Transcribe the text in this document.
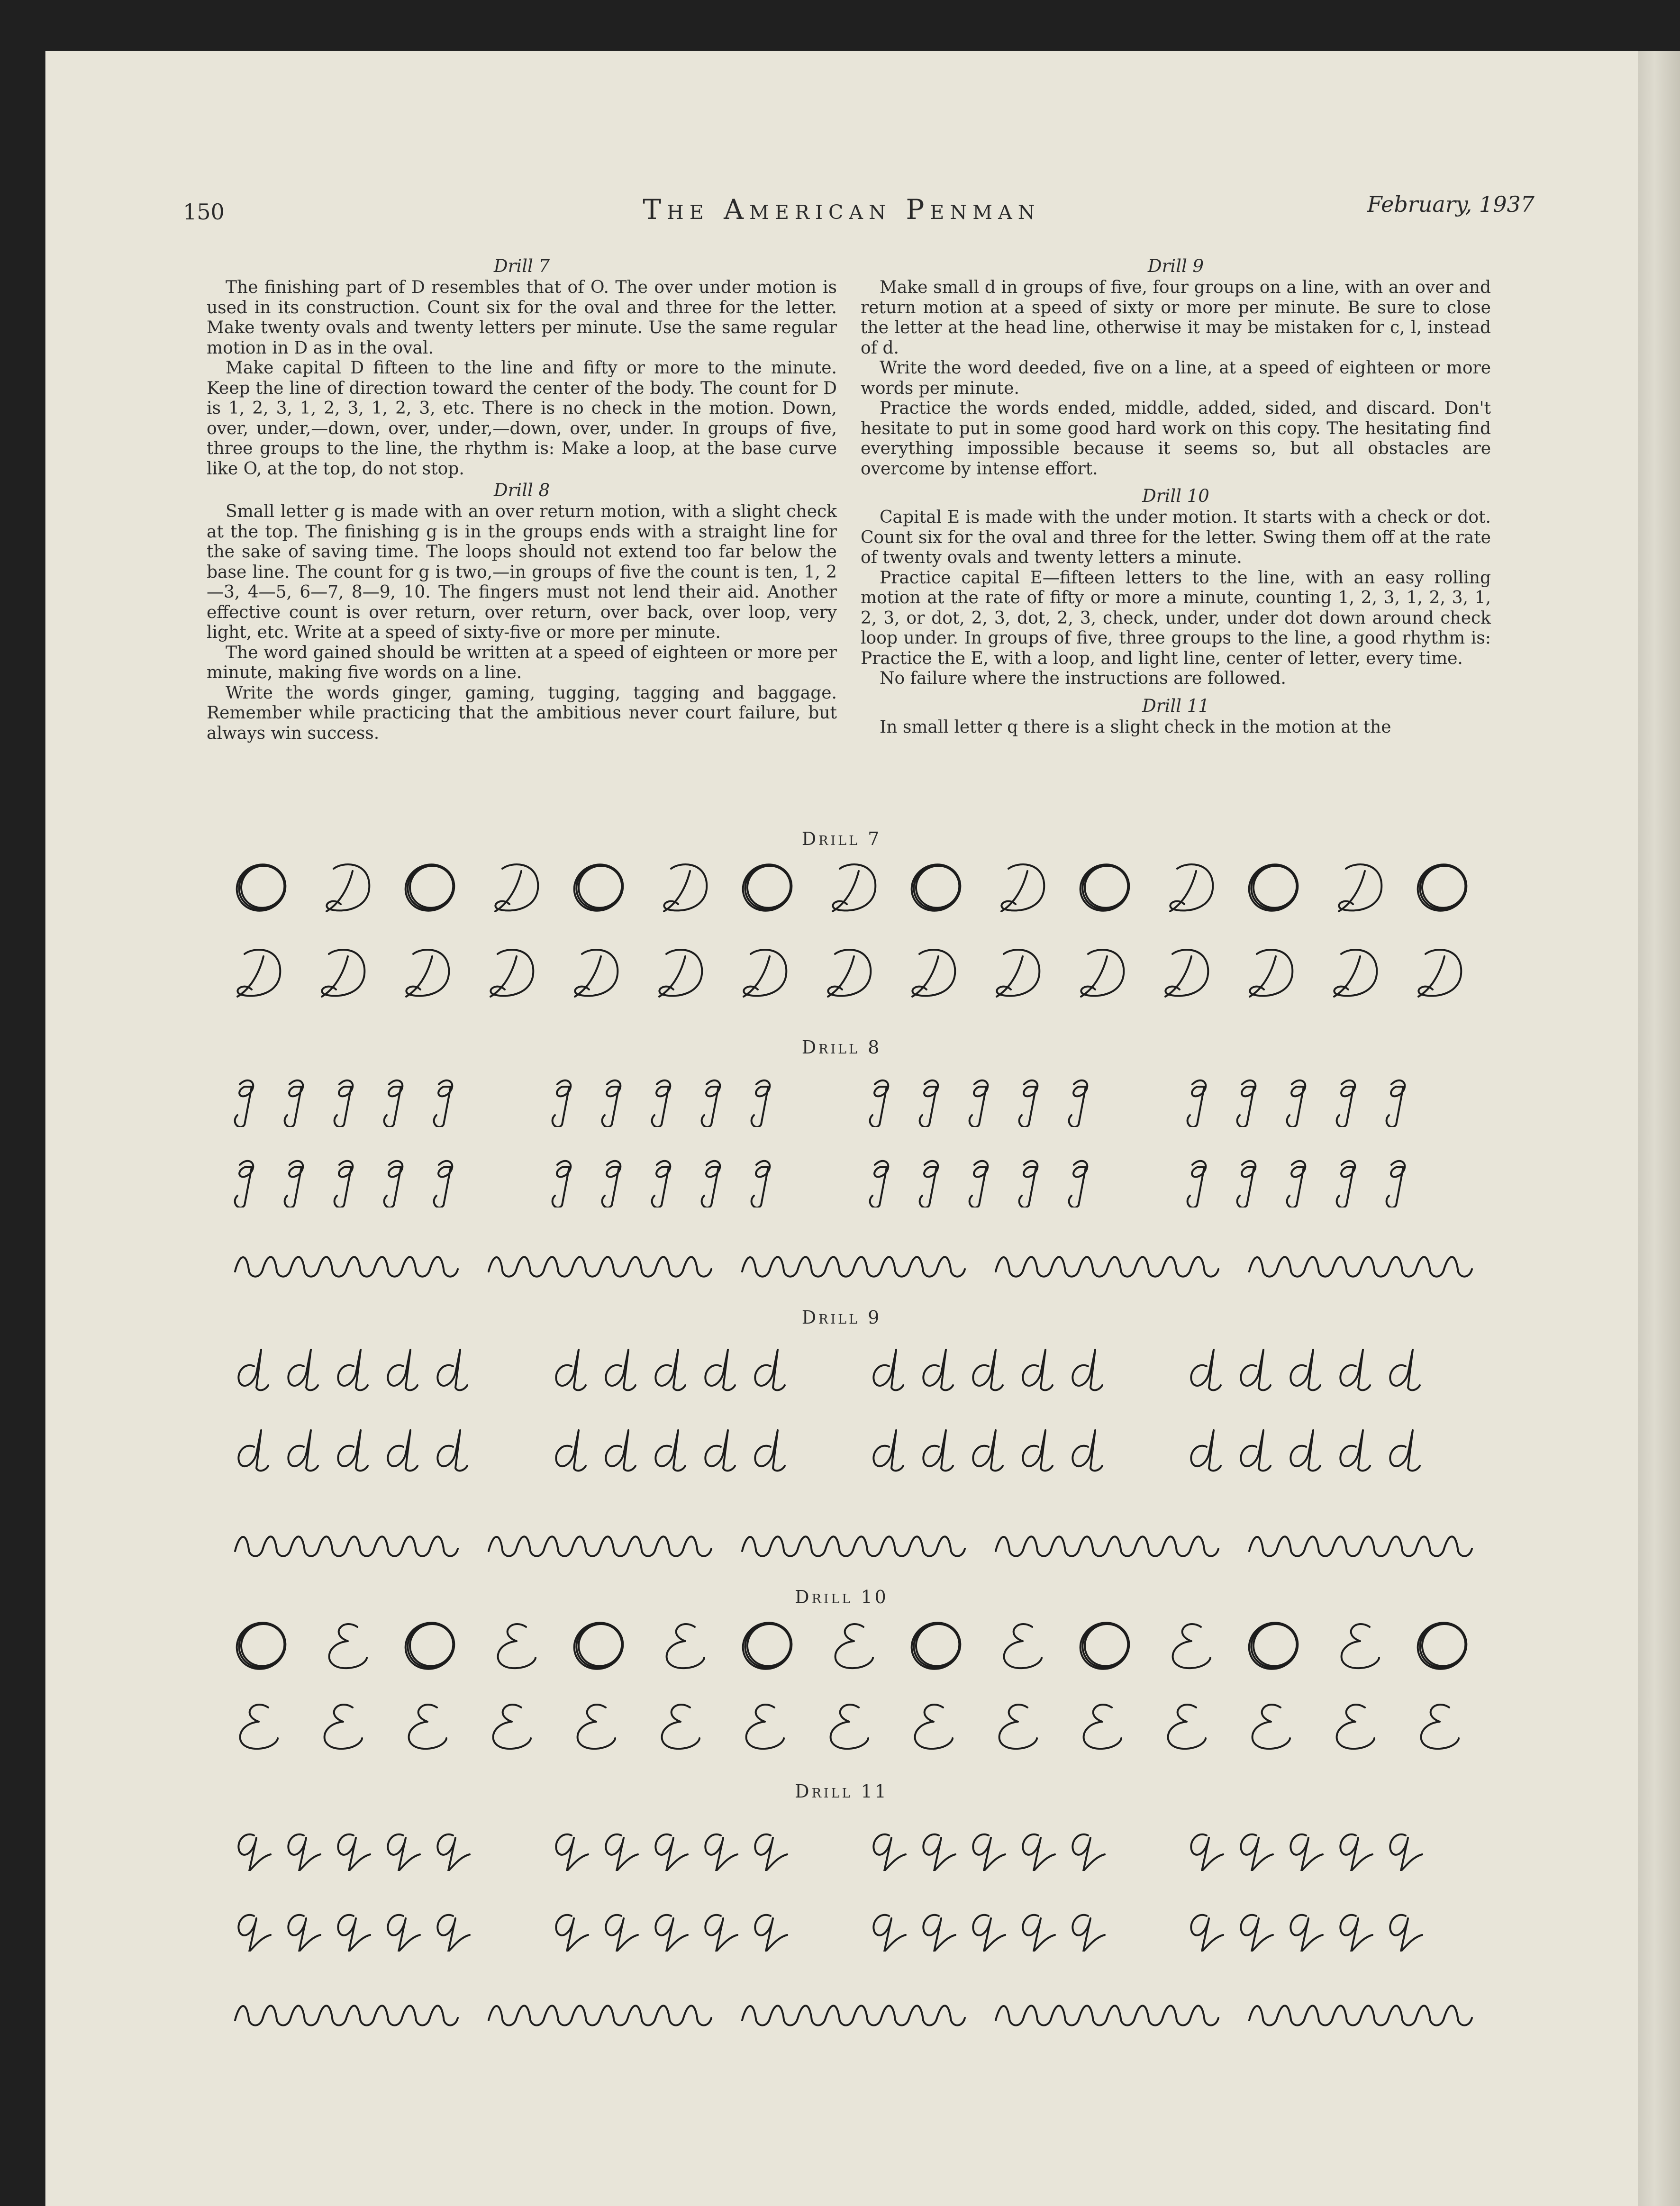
150	The American Penman	February, 1937
Drill 7

The finishing part of D resembles that of O. The over under motion is used in its construction. Count six for the oval and three for the letter. Make twenty ovals and twenty letters per minute. Use the same regular motion in D as in the oval.

Make capital D fifteen to the line and fifty or more to the minute. Keep the line of direction toward the center of the body. The count for D is 1, 2, 3, 1, 2, 3, 1, 2, 3, etc. There is no check in the motion. Down, over, under,—down, over, under,—down, over, under. In groups of five, three groups to the line, the rhythm is: Make a loop, at the base curve like O, at the top, do not stop.

Drill 8

Small letter g is made with an over return motion, with a slight check at the top. The finishing g is in the groups ends with a straight line for the sake of saving time. The loops should not extend too far below the base line. The count for g is two,—in groups of five the count is ten, 1, 2—3, 4—5, 6—7, 8—9, 10. The fingers must not lend their aid. Another effective count is over return, over return, over back, over loop, very light, etc. Write at a speed of sixty-five or more per minute.

The word gained should be written at a speed of eighteen or more per minute, making five words on a line.

Write the words ginger, gaming, tugging, tagging and baggage. Remember while practicing that the ambitious never court failure, but always win success.

Drill 9

Make small d in groups of five, four groups on a line, with an over and return motion at a speed of sixty or more per minute. Be sure to close the letter at the head line, otherwise it may be mistaken for c, l, instead of d.

Write the word deeded, five on a line, at a speed of eighteen or more words per minute.

Practice the words ended, middle, added, sided, and discard. Don't hesitate to put in some good hard work on this copy. The hesitating find everything impossible because it seems so, but all obstacles are overcome by intense effort.

Drill 10

Capital E is made with the under motion. It starts with a check or dot. Count six for the oval and three for the letter. Swing them off at the rate of twenty ovals and twenty letters a minute.

Practice capital E—fifteen letters to the line, with an easy rolling motion at the rate of fifty or more a minute, counting 1, 2, 3, 1, 2, 3, 1, 2, 3, or dot, 2, 3, dot, 2, 3, check, under, under dot down around check loop under. In groups of five, three groups to the line, a good rhythm is: Practice the E, with a loop, and light line, center of letter, every time.

No failure where the instructions are followed.

Drill 11

In small letter q there is a slight check in the motion at the

Drill 7
Drill 8
Drill 9
Drill 10
Drill 11
